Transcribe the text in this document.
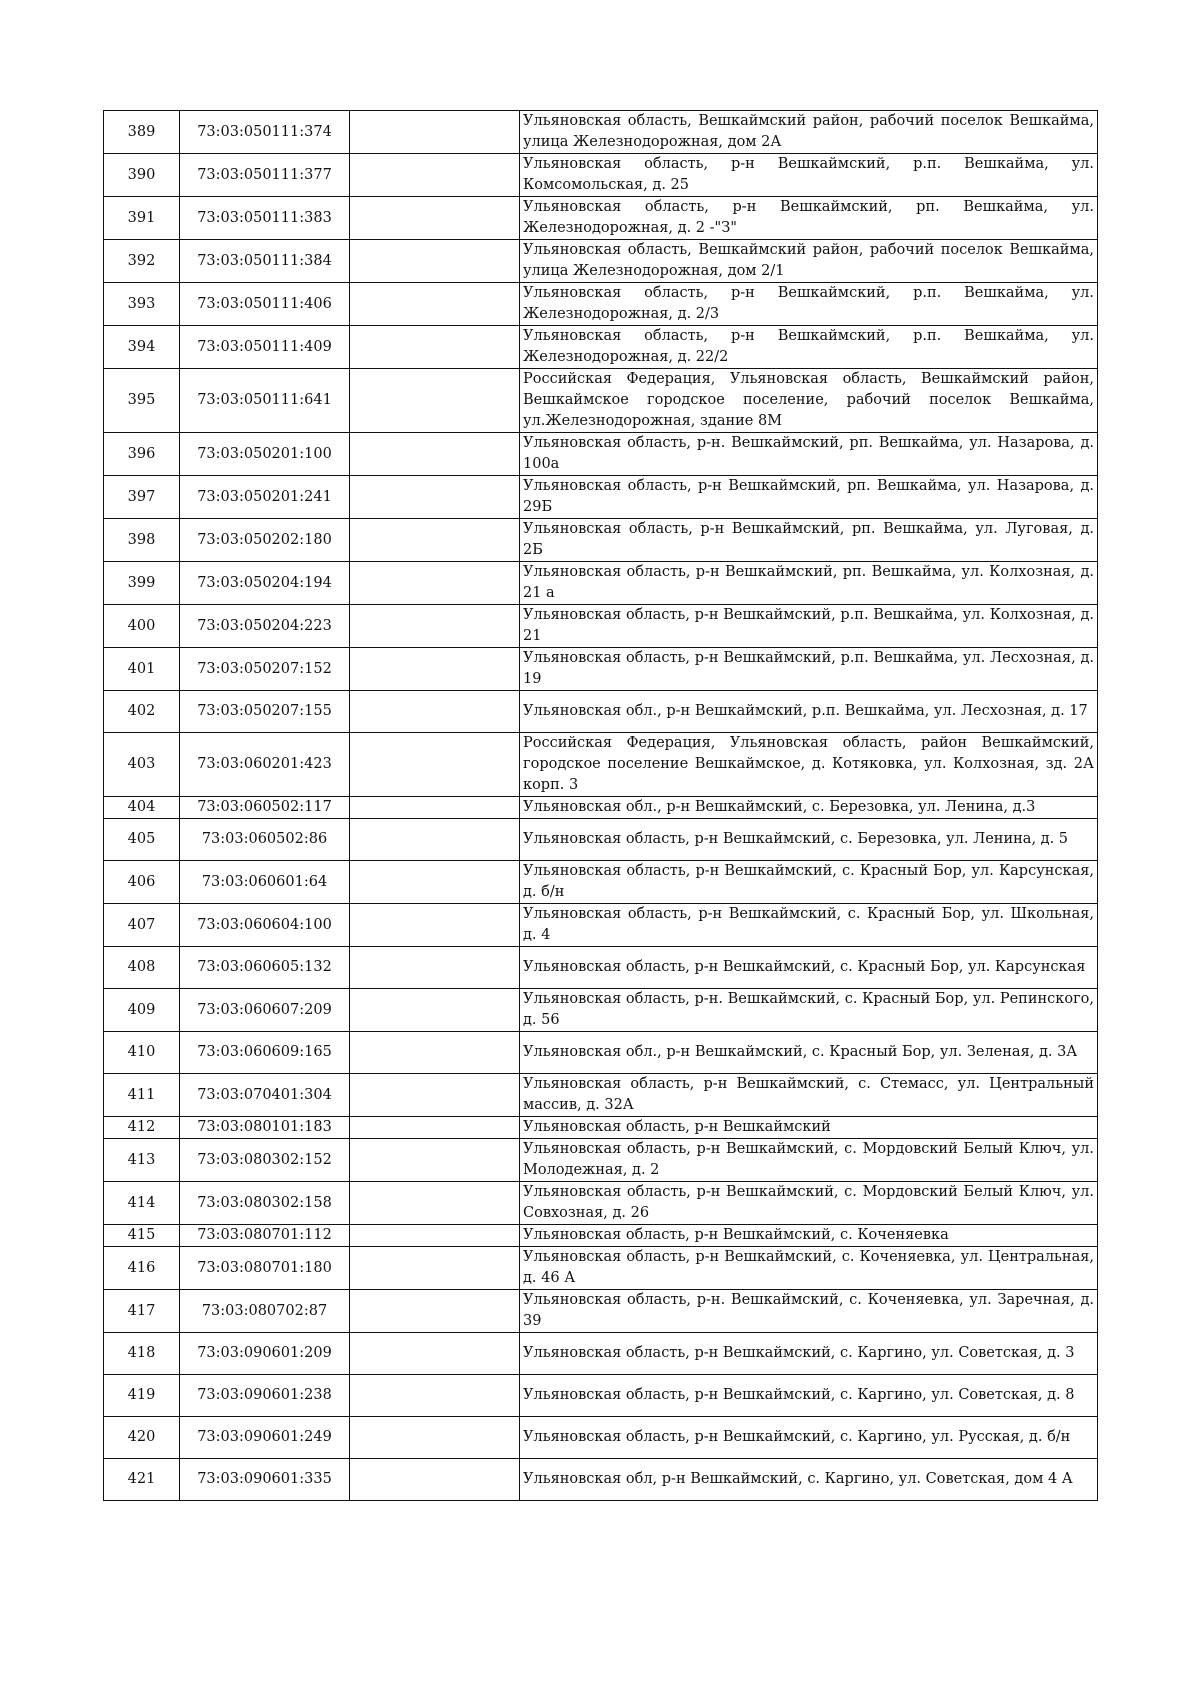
389	73:03:050111:374		Ульяновская область, Вешкаймский район, рабочий поселок Вешкайма, улица Железнодорожная, дом 2А
390	73:03:050111:377		Ульяновская область, р-н Вешкаймский, р.п. Вешкайма, ул. Комсомольская, д. 25
391	73:03:050111:383		Ульяновская область, р-н Вешкаймский, рп. Вешкайма, ул. Железнодорожная, д. 2 -"З"
392	73:03:050111:384		Ульяновская область, Вешкаймский район, рабочий поселок Вешкайма, улица Железнодорожная, дом 2/1
393	73:03:050111:406		Ульяновская область, р-н Вешкаймский, р.п. Вешкайма, ул. Железнодорожная, д. 2/3
394	73:03:050111:409		Ульяновская область, р-н Вешкаймский, р.п. Вешкайма, ул. Железнодорожная, д. 22/2
395	73:03:050111:641		Российская Федерация, Ульяновская область, Вешкаймский район, Вешкаймское городское поселение, рабочий поселок Вешкайма, ул.Железнодорожная, здание 8М
396	73:03:050201:100		Ульяновская область, р-н. Вешкаймский, рп. Вешкайма, ул. Назарова, д. 100а
397	73:03:050201:241		Ульяновская область, р-н Вешкаймский, рп. Вешкайма, ул. Назарова, д. 29Б
398	73:03:050202:180		Ульяновская область, р-н Вешкаймский, рп. Вешкайма, ул. Луговая, д. 2Б
399	73:03:050204:194		Ульяновская область, р-н Вешкаймский, рп. Вешкайма, ул. Колхозная, д. 21 а
400	73:03:050204:223		Ульяновская область, р-н Вешкаймский, р.п. Вешкайма, ул. Колхозная, д. 21
401	73:03:050207:152		Ульяновская область, р-н Вешкаймский, р.п. Вешкайма, ул. Лесхозная, д. 19
402	73:03:050207:155		Ульяновская обл., р-н Вешкаймский, р.п. Вешкайма, ул. Лесхозная, д. 17
403	73:03:060201:423		Российская Федерация, Ульяновская область, район Вешкаймский, городское поселение Вешкаймское, д. Котяковка, ул. Колхозная, зд. 2А корп. 3
404	73:03:060502:117		Ульяновская обл., р-н Вешкаймский, с. Березовка, ул. Ленина, д.3
405	73:03:060502:86		Ульяновская область, р-н Вешкаймский, с. Березовка, ул. Ленина, д. 5
406	73:03:060601:64		Ульяновская область, р-н Вешкаймский, с. Красный Бор, ул. Карсунская, д. б/н
407	73:03:060604:100		Ульяновская область, р-н Вешкаймский, с. Красный Бор, ул. Школьная, д. 4
408	73:03:060605:132		Ульяновская область, р-н Вешкаймский, с. Красный Бор, ул. Карсунская
409	73:03:060607:209		Ульяновская область, р-н. Вешкаймский, с. Красный Бор, ул. Репинского, д. 56
410	73:03:060609:165		Ульяновская обл., р-н Вешкаймский, с. Красный Бор, ул. Зеленая, д. 3А
411	73:03:070401:304		Ульяновская область, р-н Вешкаймский, с. Стемасс, ул. Центральный массив, д. 32А
412	73:03:080101:183		Ульяновская область, р-н Вешкаймский
413	73:03:080302:152		Ульяновская область, р-н Вешкаймский, с. Мордовский Белый Ключ, ул. Молодежная, д. 2
414	73:03:080302:158		Ульяновская область, р-н Вешкаймский, с. Мордовский Белый Ключ, ул. Совхозная, д. 26
415	73:03:080701:112		Ульяновская область, р-н Вешкаймский, с. Коченяевка
416	73:03:080701:180		Ульяновская область, р-н Вешкаймский, с. Коченяевка, ул. Центральная, д. 46 А
417	73:03:080702:87		Ульяновская область, р-н. Вешкаймский, с. Коченяевка, ул. Заречная, д. 39
418	73:03:090601:209		Ульяновская область, р-н Вешкаймский, с. Каргино, ул. Советская, д. 3
419	73:03:090601:238		Ульяновская область, р-н Вешкаймский, с. Каргино, ул. Советская, д. 8
420	73:03:090601:249		Ульяновская область, р-н Вешкаймский, с. Каргино, ул. Русская, д. б/н
421	73:03:090601:335		Ульяновская обл, р-н Вешкаймский, с. Каргино, ул. Советская, дом 4 А
